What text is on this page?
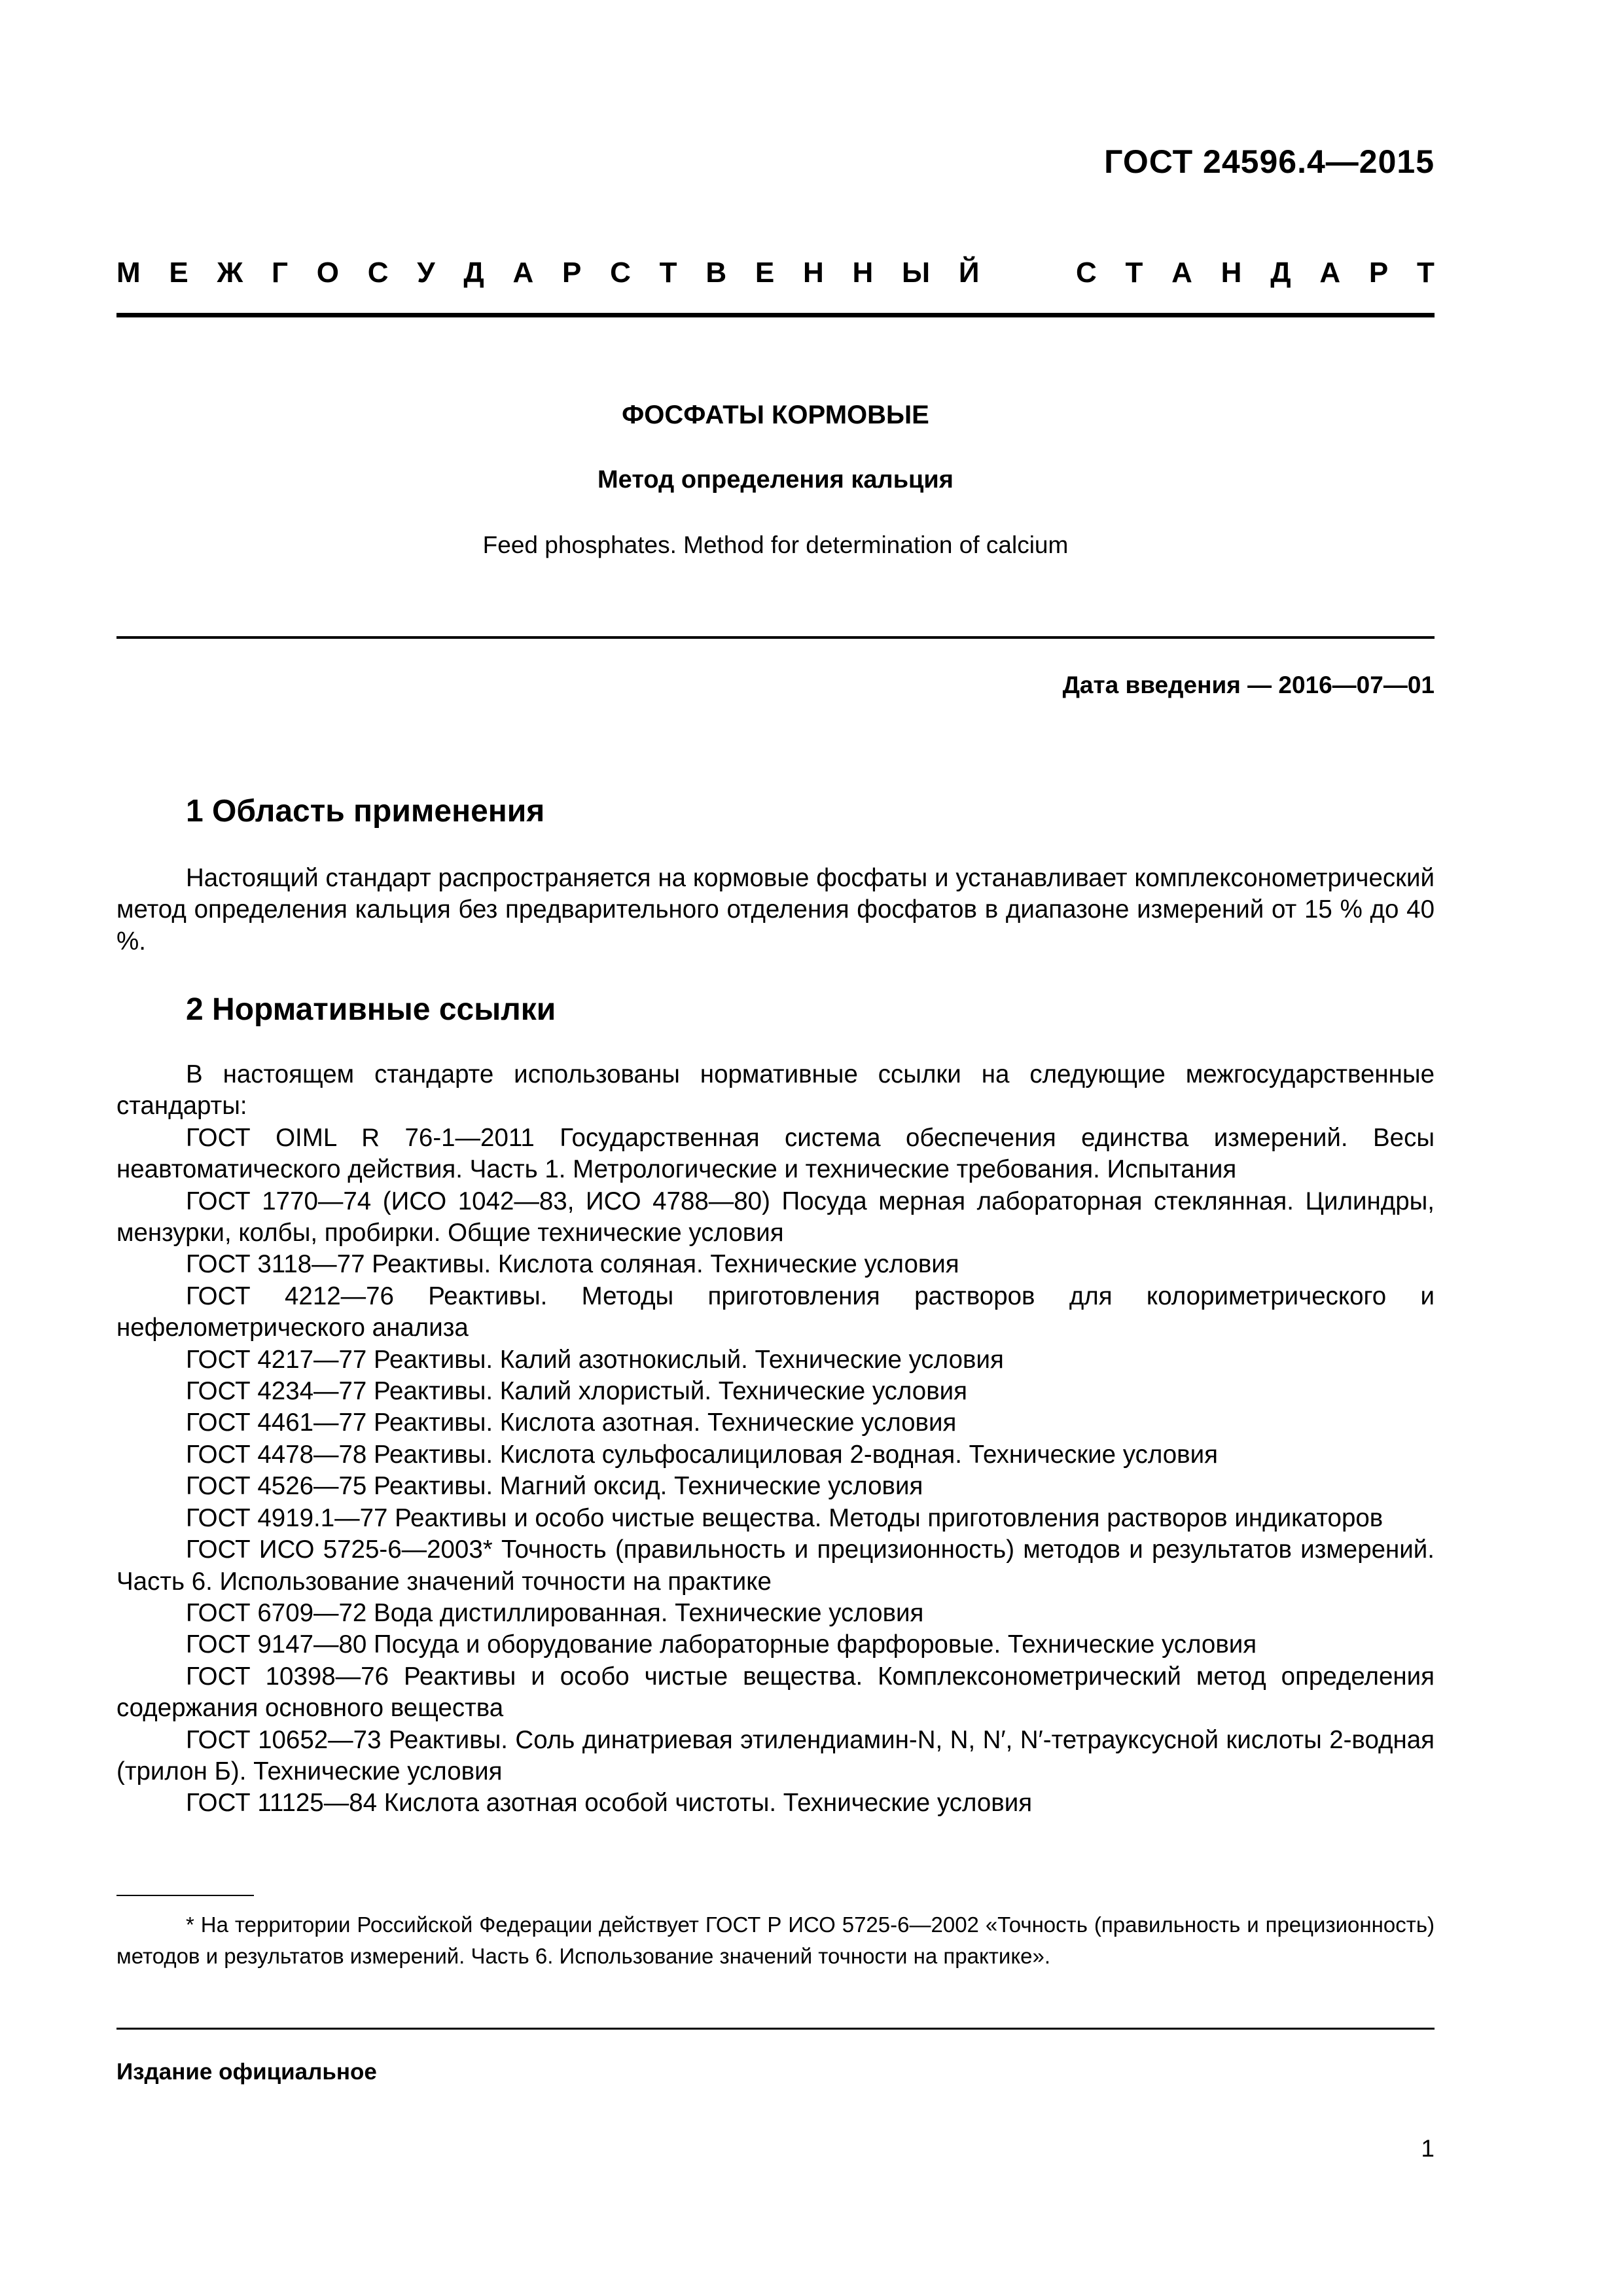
ГОСТ 24596.4—2015
М Е Ж Г О С У Д А Р С Т В Е Н Н Ы Й	С Т А Н Д А Р Т
ФОСФАТЫ КОРМОВЫЕ
Метод определения кальция
Feed phosphates. Method for determination of calcium
Дата введения — 2016—07—01
1 Область применения

Настоящий стандарт распространяется на кормовые фосфаты и устанавливает комплексонометрический метод определения кальция без предварительного отделения фосфатов в диапазоне измерений от 15 % до 40 %.

2 Нормативные ссылки

В настоящем стандарте использованы нормативные ссылки на следующие межгосударственные стандарты:

ГОСТ OIML R 76-1—2011 Государственная система обеспечения единства измерений. Весы неавтоматического действия. Часть 1. Метрологические и технические требования. Испытания

ГОСТ 1770—74 (ИСО 1042—83, ИСО 4788—80) Посуда мерная лабораторная стеклянная. Цилиндры, мензурки, колбы, пробирки. Общие технические условия

ГОСТ 3118—77 Реактивы. Кислота соляная. Технические условия

ГОСТ 4212—76 Реактивы. Методы приготовления растворов для колориметрического и нефелометрического анализа

ГОСТ 4217—77 Реактивы. Калий азотнокислый. Технические условия

ГОСТ 4234—77 Реактивы. Калий хлористый. Технические условия

ГОСТ 4461—77 Реактивы. Кислота азотная. Технические условия

ГОСТ 4478—78 Реактивы. Кислота сульфосалициловая 2-водная. Технические условия

ГОСТ 4526—75 Реактивы. Магний оксид. Технические условия

ГОСТ 4919.1—77 Реактивы и особо чистые вещества. Методы приготовления растворов индикаторов

ГОСТ ИСО 5725-6—2003* Точность (правильность и прецизионность) методов и результатов измерений. Часть 6. Использование значений точности на практике

ГОСТ 6709—72 Вода дистиллированная. Технические условия

ГОСТ 9147—80 Посуда и оборудование лабораторные фарфоровые. Технические условия

ГОСТ 10398—76 Реактивы и особо чистые вещества. Комплексонометрический метод определения содержания основного вещества

ГОСТ 10652—73 Реактивы. Соль динатриевая этилендиамин-N, N, N′, N′-тетрауксусной кислоты 2-водная (трилон Б). Технические условия

ГОСТ 11125—84 Кислота азотная особой чистоты. Технические условия

* На территории Российской Федерации действует ГОСТ Р ИСО 5725-6—2002 «Точность (правильность и прецизионность) методов и результатов измерений. Часть 6. Использование значений точности на практике».

Издание официальное
1
